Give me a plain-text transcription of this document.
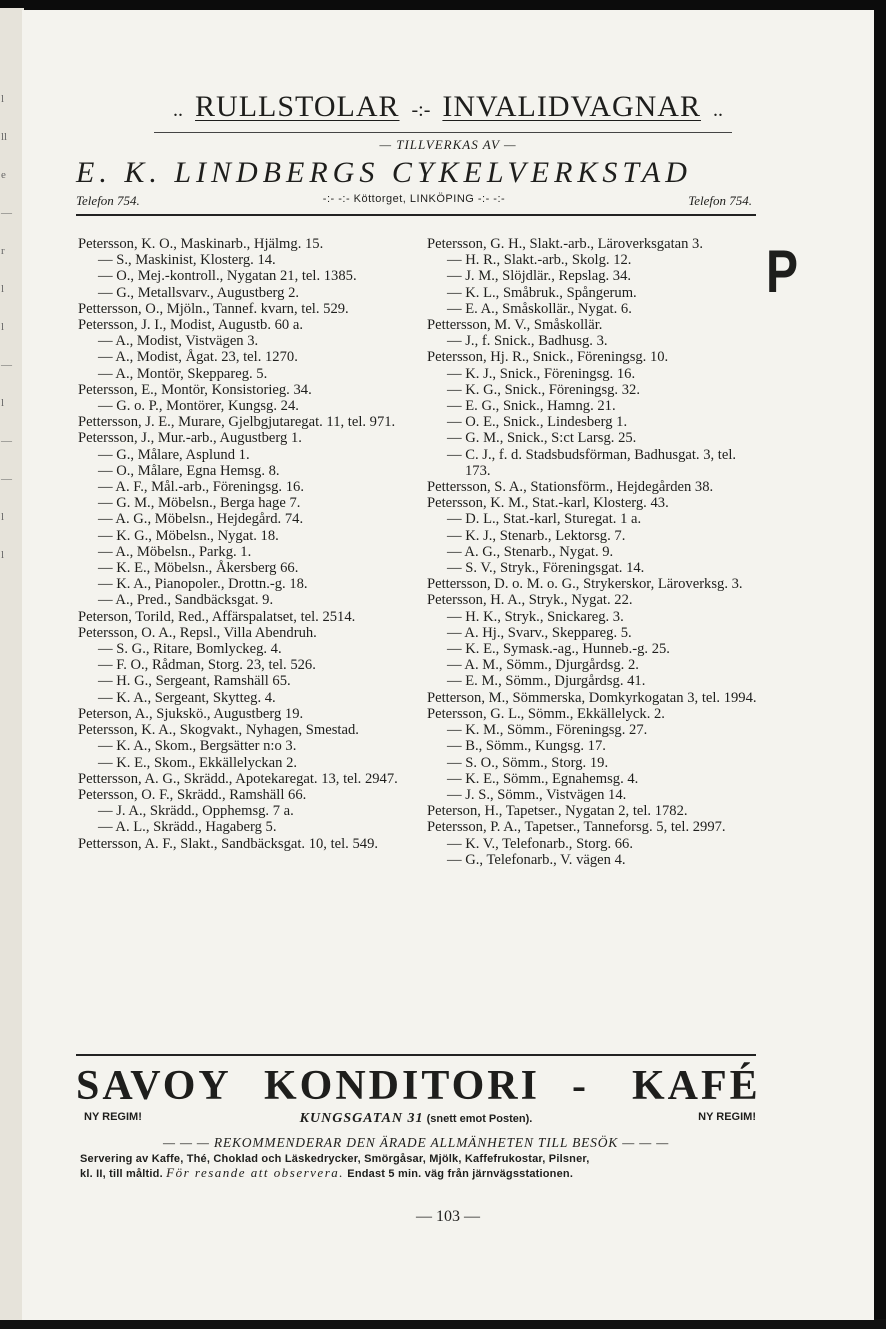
l
ll
e
—
r
l
l
—
l
—
—
l
l
.. RULLSTOLAR -:- INVALIDVAGNAR ..
— TILLVERKAS AV —
E. K. LINDBERGS CYKELVERKSTAD
Telefon 754.	-:- -:- Köttorget, LINKÖPING -:- -:-	Telefon 754.
Petersson, K. O., Maskinarb., Hjälmg. 15.
— S., Maskinist, Klosterg. 14.
— O., Mej.-kontroll., Nygatan 21, tel. 1385.
— G., Metallsvarv., Augustberg 2.
Pettersson, O., Mjöln., Tannef. kvarn, tel. 529.
Petersson, J. I., Modist, Augustb. 60 a.
— A., Modist, Vistvägen 3.
— A., Modist, Ågat. 23, tel. 1270.
— A., Montör, Skeppareg. 5.
Petersson, E., Montör, Konsistorieg. 34.
— G. o. P., Montörer, Kungsg. 24.
Pettersson, J. E., Murare, Gjelbgjutaregat. 11, tel. 971.
Petersson, J., Mur.-arb., Augustberg 1.
— G., Målare, Asplund 1.
— O., Målare, Egna Hemsg. 8.
— A. F., Mål.-arb., Föreningsg. 16.
— G. M., Möbelsn., Berga hage 7.
— A. G., Möbelsn., Hejdegård. 74.
— K. G., Möbelsn., Nygat. 18.
— A., Möbelsn., Parkg. 1.
— K. E., Möbelsn., Åkersberg 66.
— K. A., Pianopoler., Drottn.-g. 18.
— A., Pred., Sandbäcksgat. 9.
Peterson, Torild, Red., Affärspalatset, tel. 2514.
Petersson, O. A., Repsl., Villa Abendruh.
— S. G., Ritare, Bomlyckeg. 4.
— F. O., Rådman, Storg. 23, tel. 526.
— H. G., Sergeant, Ramshäll 65.
— K. A., Sergeant, Skytteg. 4.
Peterson, A., Sjukskö., Augustberg 19.
Petersson, K. A., Skogvakt., Nyhagen, Smestad.
— K. A., Skom., Bergsätter n:o 3.
— K. E., Skom., Ekkällelyckan 2.
Pettersson, A. G., Skrädd., Apotekaregat. 13, tel. 2947.
Petersson, O. F., Skrädd., Ramshäll 66.
— J. A., Skrädd., Opphemsg. 7 a.
— A. L., Skrädd., Hagaberg 5.
Pettersson, A. F., Slakt., Sandbäcksgat. 10, tel. 549.
Petersson, G. H., Slakt.-arb., Läroverksgatan 3.
— H. R., Slakt.-arb., Skolg. 12.
— J. M., Slöjdlär., Repslag. 34.
— K. L., Småbruk., Spångerum.
— E. A., Småskollär., Nygat. 6.
Pettersson, M. V., Småskollär.
— J., f. Snick., Badhusg. 3.
Petersson, Hj. R., Snick., Föreningsg. 10.
— K. J., Snick., Föreningsg. 16.
— K. G., Snick., Föreningsg. 32.
— E. G., Snick., Hamng. 21.
— O. E., Snick., Lindesberg 1.
— G. M., Snick., S:ct Larsg. 25.
— C. J., f. d. Stadsbudsförman, Badhusgat. 3, tel. 173.
Pettersson, S. A., Stationsförm., Hejdegården 38.
Petersson, K. M., Stat.-karl, Klosterg. 43.
— D. L., Stat.-karl, Sturegat. 1 a.
— K. J., Stenarb., Lektorsg. 7.
— A. G., Stenarb., Nygat. 9.
— S. V., Stryk., Föreningsgat. 14.
Pettersson, D. o. M. o. G., Strykerskor, Läroverksg. 3.
Petersson, H. A., Stryk., Nygat. 22.
— H. K., Stryk., Snickareg. 3.
— A. Hj., Svarv., Skeppareg. 5.
— K. E., Symask.-ag., Hunneb.-g. 25.
— A. M., Sömm., Djurgårdsg. 2.
— E. M., Sömm., Djurgårdsg. 41.
Petterson, M., Sömmerska, Domkyrkogatan 3, tel. 1994.
Petersson, G. L., Sömm., Ekkällelyck. 2.
— K. M., Sömm., Föreningsg. 27.
— B., Sömm., Kungsg. 17.
— S. O., Sömm., Storg. 19.
— K. E., Sömm., Egnahemsg. 4.
— J. S., Sömm., Vistvägen 14.
Peterson, H., Tapetser., Nygatan 2, tel. 1782.
Petersson, P. A., Tapetser., Tanneforsg. 5, tel. 2997.
— K. V., Telefonarb., Storg. 66.
— G., Telefonarb., V. vägen 4.
P
SAVOY KONDITORI - KAFÉ
NY REGIM!	KUNGSGATAN 31 (snett emot Posten).	NY REGIM!
— — — REKOMMENDERAR DEN ÄRADE ALLMÄNHETEN TILL BESÖK — — —
Servering av Kaffe, Thé, Choklad och Läskedrycker, Smörgåsar, Mjölk, Kaffefrukostar, Pilsner,
kl. II, till måltid. För resande att observera. Endast 5 min. väg från järnvägsstationen.
— 103 —
